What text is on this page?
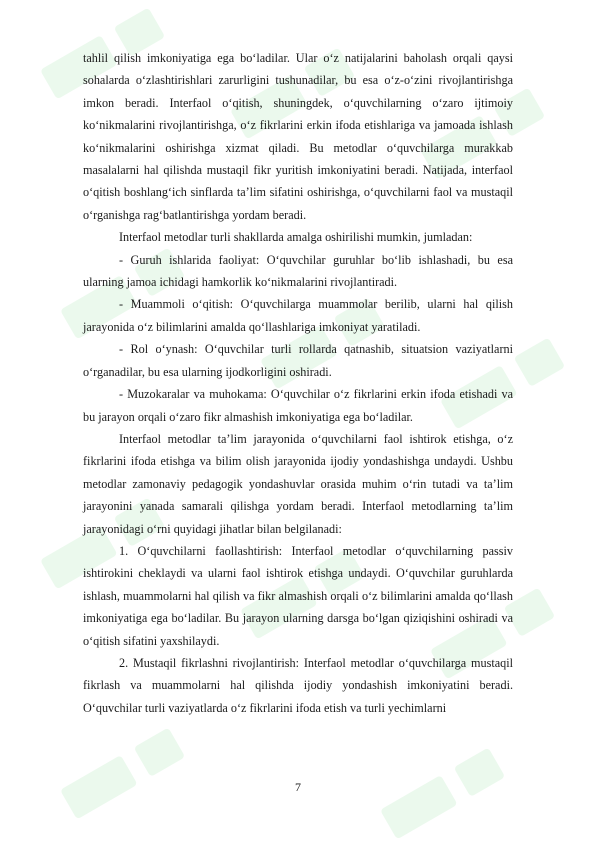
tahlil qilish imkoniyatiga ega boʻladilar. Ular oʻz natijalarini baholash orqali qaysi sohalarda oʻzlashtirishlari zarurligini tushunadilar, bu esa oʻz-oʻzini rivojlantirishga imkon beradi. Interfaol oʻqitish, shuningdek, oʻquvchilarning oʻzaro ijtimoiy koʻnikmalarini rivojlantirishga, oʻz fikrlarini erkin ifoda etishlariga va jamoada ishlash koʻnikmalarini oshirishga xizmat qiladi. Bu metodlar oʻquvchilarga murakkab masalalarni hal qilishda mustaqil fikr yuritish imkoniyatini beradi. Natijada, interfaol oʻqitish boshlangʻich sinflarda taʼlim sifatini oshirishga, oʻquvchilarni faol va mustaqil oʻrganishga ragʻbatlantirishga yordam beradi.

Interfaol metodlar turli shakllarda amalga oshirilishi mumkin, jumladan:

- Guruh ishlarida faoliyat: Oʻquvchilar guruhlar boʻlib ishlashadi, bu esa ularning jamoa ichidagi hamkorlik koʻnikmalarini rivojlantiradi.

- Muammoli oʻqitish: Oʻquvchilarga muammolar berilib, ularni hal qilish jarayonida oʻz bilimlarini amalda qoʻllashlariga imkoniyat yaratiladi.

- Rol oʻynash: Oʻquvchilar turli rollarda qatnashib, situatsion vaziyatlarni oʻrganadilar, bu esa ularning ijodkorligini oshiradi.

- Muzokaralar va muhokama: Oʻquvchilar oʻz fikrlarini erkin ifoda etishadi va bu jarayon orqali oʻzaro fikr almashish imkoniyatiga ega boʻladilar.

Interfaol metodlar taʼlim jarayonida oʻquvchilarni faol ishtirok etishga, oʻz fikrlarini ifoda etishga va bilim olish jarayonida ijodiy yondashishga undaydi. Ushbu metodlar zamonaviy pedagogik yondashuvlar orasida muhim oʻrin tutadi va taʼlim jarayonini yanada samarali qilishga yordam beradi. Interfaol metodlarning taʼlim jarayonidagi oʻrni quyidagi jihatlar bilan belgilanadi:

1. Oʻquvchilarni faollashtirish: Interfaol metodlar oʻquvchilarning passiv ishtirokini cheklaydi va ularni faol ishtirok etishga undaydi. Oʻquvchilar guruhlarda ishlash, muammolarni hal qilish va fikr almashish orqali oʻz bilimlarini amalda qoʻllash imkoniyatiga ega boʻladilar. Bu jarayon ularning darsga boʻlgan qiziqishini oshiradi va oʻqitish sifatini yaxshilaydi.

2. Mustaqil fikrlashni rivojlantirish: Interfaol metodlar oʻquvchilarga mustaqil fikrlash va muammolarni hal qilishda ijodiy yondashish imkoniyatini beradi. Oʻquvchilar turli vaziyatlarda oʻz fikrlarini ifoda etish va turli yechimlarni

7
